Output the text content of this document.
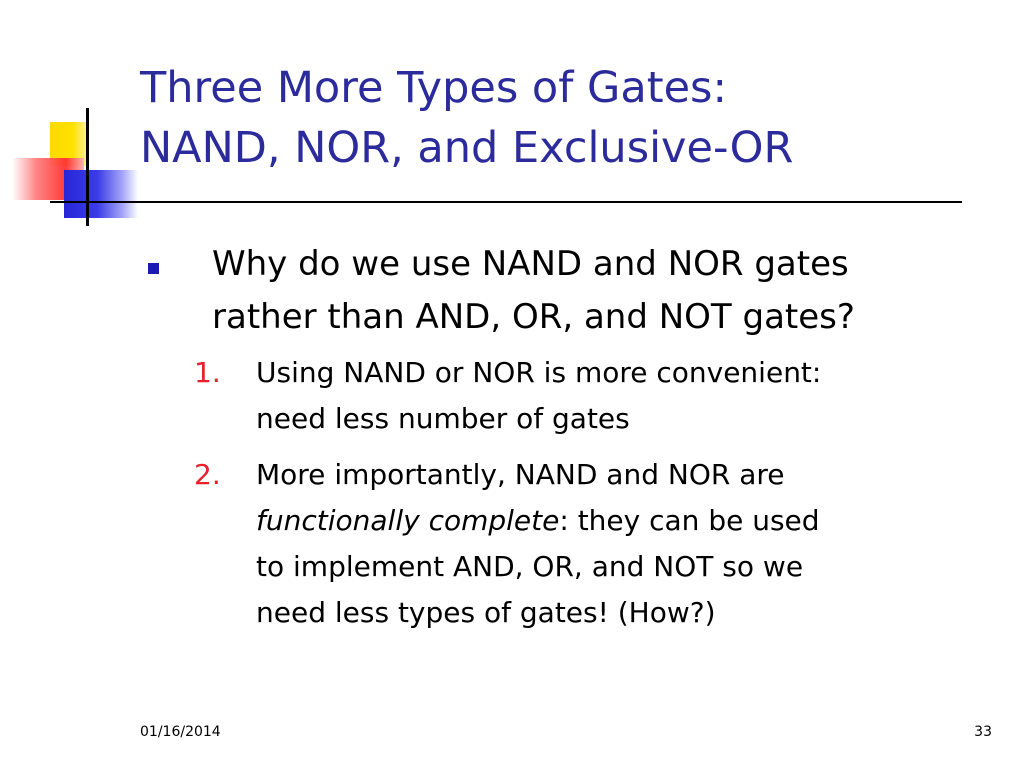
Three More Types of Gates:
NAND, NOR, and Exclusive-OR
Why do we use NAND and NOR gates
rather than AND, OR, and NOT gates?
1. Using NAND or NOR is more convenient:
need less number of gates
2. More importantly, NAND and NOR are
functionally complete: they can be used
to implement AND, OR, and NOT so we
need less types of gates! (How?)
01/16/2014	33
